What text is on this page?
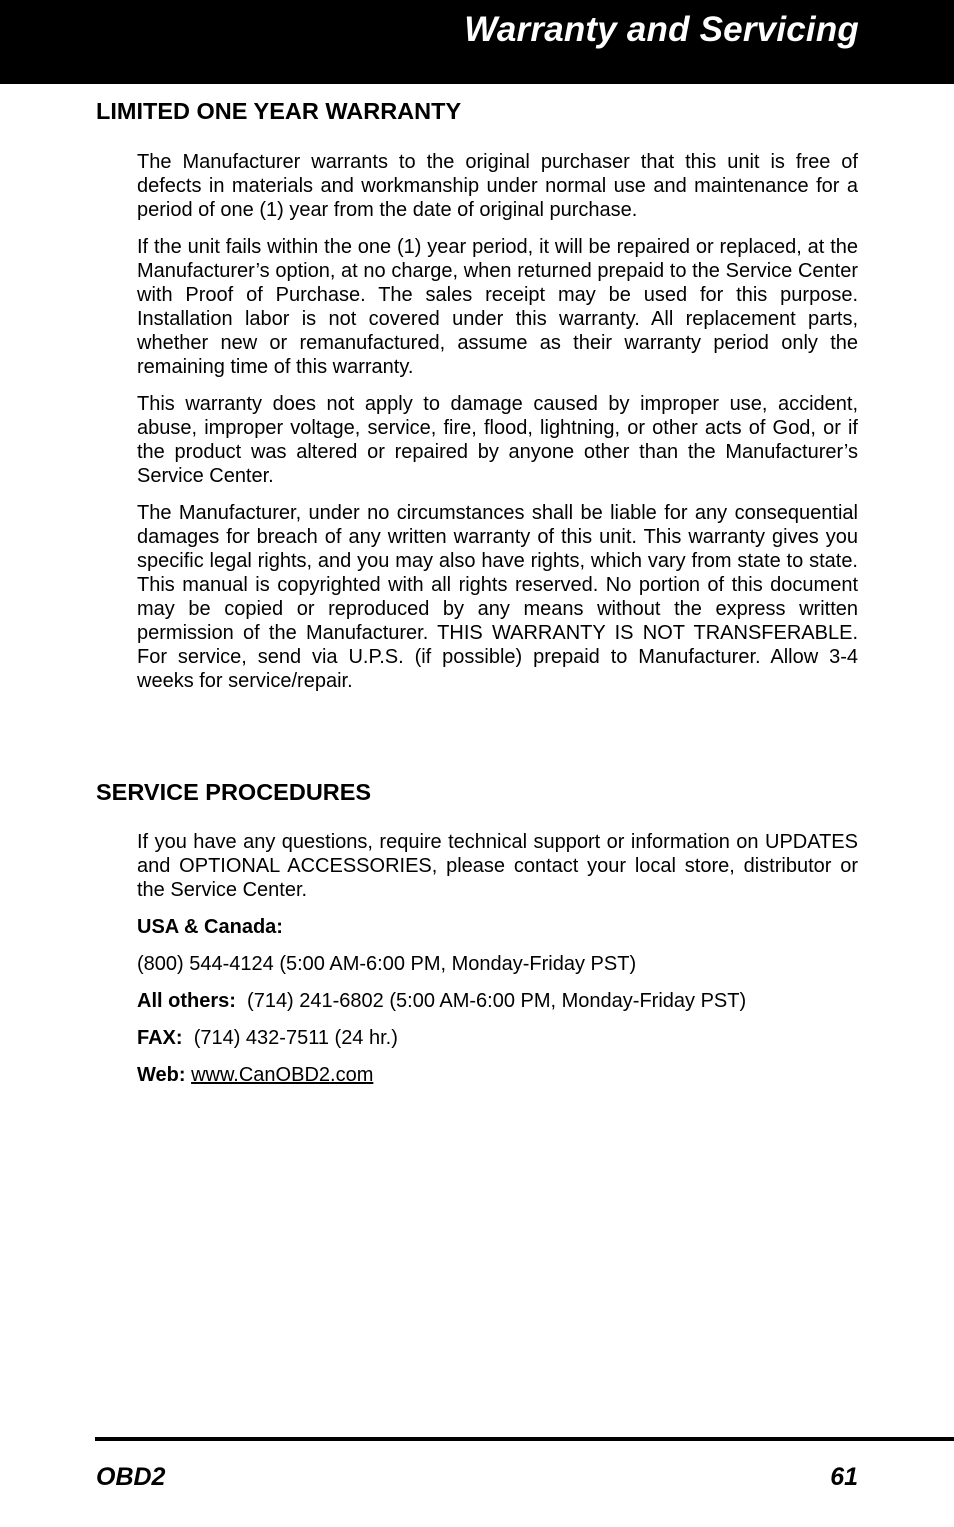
Warranty and Servicing
LIMITED ONE YEAR WARRANTY

The Manufacturer warrants to the original purchaser that this unit is free of defects in materials and workmanship under normal use and maintenance for a period of one (1) year from the date of original purchase.

If the unit fails within the one (1) year period, it will be repaired or replaced, at the Manufacturer’s option, at no charge, when returned prepaid to the Service Center with Proof of Purchase. The sales receipt may be used for this purpose. Installation labor is not covered under this warranty. All replacement parts, whether new or remanufactured, assume as their warranty period only the remaining time of this warranty.

This warranty does not apply to damage caused by improper use, accident, abuse, improper voltage, service, fire, flood, lightning, or other acts of God, or if the product was altered or repaired by anyone other than the Manufacturer’s Service Center.

The Manufacturer, under no circumstances shall be liable for any consequential damages for breach of any written warranty of this unit. This warranty gives you specific legal rights, and you may also have rights, which vary from state to state. This manual is copyrighted with all rights reserved. No portion of this document may be copied or reproduced by any means without the express written permission of the Manufacturer. THIS WARRANTY IS NOT TRANSFERABLE. For service, send via U.P.S. (if possible) prepaid to Manufacturer. Allow 3-4 weeks for service/repair.

SERVICE PROCEDURES

If you have any questions, require technical support or information on UPDATES and OPTIONAL ACCESSORIES, please contact your local store, distributor or the Service Center.

USA & Canada:
(800) 544-4124 (5:00 AM-6:00 PM, Monday-Friday PST)
All others: (714) 241-6802 (5:00 AM-6:00 PM, Monday-Friday PST)
FAX: (714) 432-7511 (24 hr.)
Web: www.CanOBD2.com
OBD2	61
